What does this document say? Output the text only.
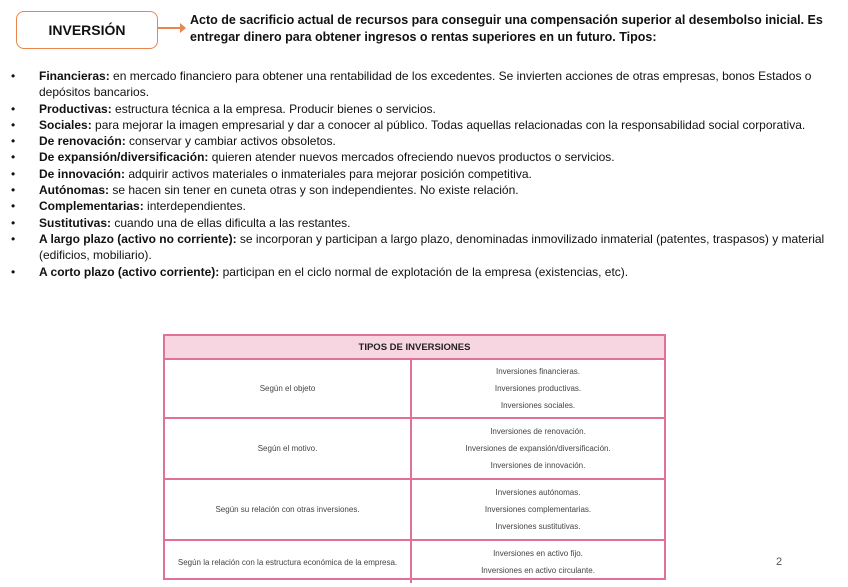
INVERSIÓN
Acto de sacrificio actual de recursos para conseguir una compensación superior al desembolso inicial. Es entregar dinero para obtener ingresos o rentas superiores en un futuro. Tipos:
• Financieras: en mercado financiero para obtener una rentabilidad de los excedentes. Se invierten acciones de otras empresas, bonos Estados o depósitos bancarios.
• Productivas: estructura técnica a la empresa. Producir bienes o servicios.
• Sociales: para mejorar la imagen empresarial y dar a conocer al público. Todas aquellas relacionadas con la responsabilidad social corporativa.
• De renovación: conservar y cambiar activos obsoletos.
• De expansión/diversificación: quieren atender nuevos mercados ofreciendo nuevos productos o servicios.
• De innovación: adquirir activos materiales o inmateriales para mejorar posición competitiva.
• Autónomas: se hacen sin tener en cuneta otras y son independientes. No existe relación.
• Complementarias: interdependientes.
• Sustitutivas: cuando una de ellas dificulta a las restantes.
• A largo plazo (activo no corriente): se incorporan y participan a largo plazo, denominadas inmovilizado inmaterial (patentes, traspasos) y material (edificios, mobiliario).
• A corto plazo (activo corriente): participan en el ciclo normal de explotación de la empresa (existencias, etc).
TIPOS DE INVERSIONES
Según el objeto
Inversiones financieras.
Inversiones productivas.
Inversiones sociales.
Según el motivo.
Inversiones de renovación.
Inversiones de expansión/diversificación.
Inversiones de innovación.
Según su relación con otras inversiones.
Inversiones autónomas.
Inversiones complementarias.
Inversiones sustitutivas.
Según la relación con la estructura económica de la empresa.
Inversiones en activo fijo.
Inversiones en activo circulante.
2
